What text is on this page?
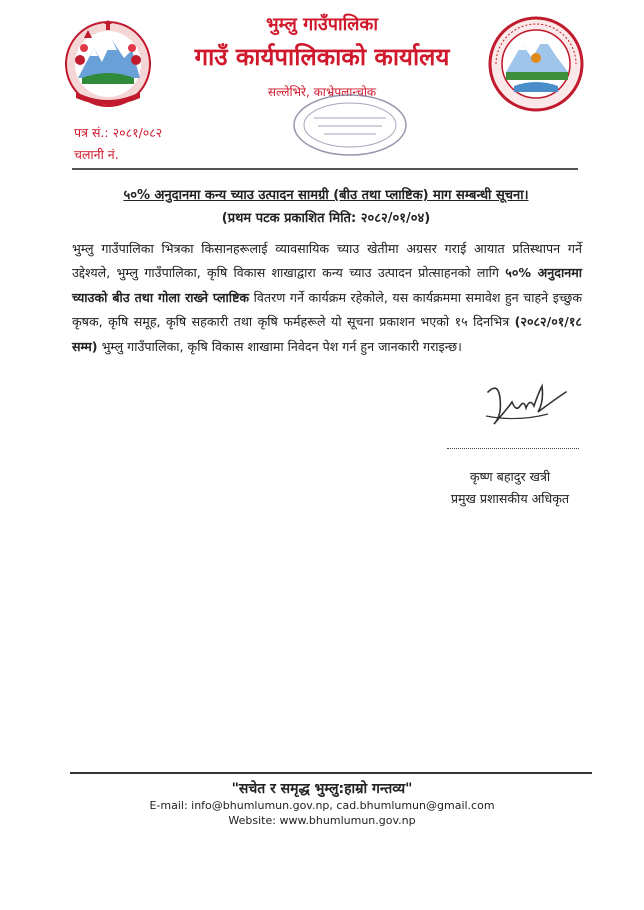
भुम्लु गाउँपालिका
गाउँ कार्यपालिकाको कार्यालय
सल्लेभिरे, काभ्रेपलान्चोक
पत्र सं.: २०८१/०८२
चलानी नं.
५०% अनुदानमा कन्य च्याउ उत्पादन सामग्री (बीउ तथा प्लाष्टिक) माग सम्बन्धी सूचना।
(प्रथम पटक प्रकाशित मिति: २०८२/०१/०४)
भुम्लु गाउँपालिका भित्रका किसानहरूलाई व्यावसायिक च्याउ खेतीमा अग्रसर गराई आयात प्रतिस्थापन गर्ने उद्देश्यले, भुम्लु गाउँपालिका, कृषि विकास शाखाद्वारा कन्य च्याउ उत्पादन प्रोत्साहनको लागि ५०% अनुदानमा च्याउको बीउ तथा गोला राख्ने प्लाष्टिक वितरण गर्ने कार्यक्रम रहेकोले, यस कार्यक्रममा समावेश हुन चाहने इच्छुक कृषक, कृषि समूह, कृषि सहकारी तथा कृषि फर्महरूले यो सूचना प्रकाशन भएको १५ दिनभित्र (२०८२/०१/१८ सम्म) भुम्लु गाउँपालिका, कृषि विकास शाखामा निवेदन पेश गर्न हुन जानकारी गराइन्छ।
कृष्ण बहादुर खत्री
प्रमुख प्रशासकीय अधिकृत
"सचेत र समृद्ध भुम्लु:हाम्रो गन्तव्य"
E-mail: info@bhumlumun.gov.np, cad.bhumlumun@gmail.com
Website: www.bhumlumun.gov.np
